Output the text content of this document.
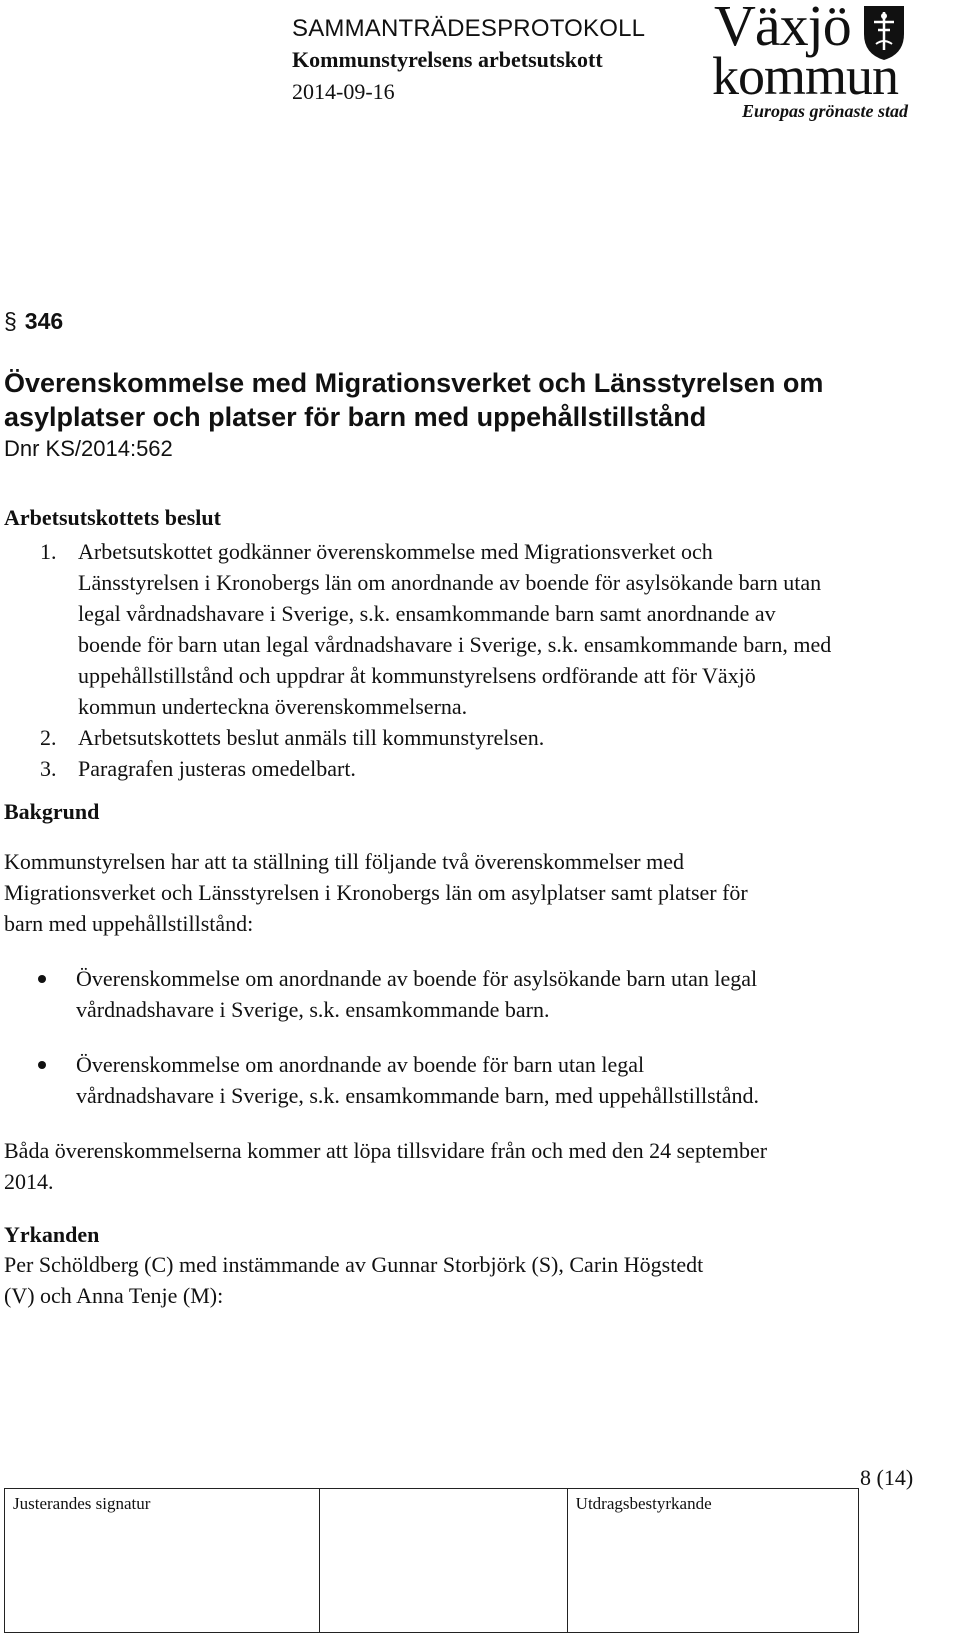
SAMMANTRÄDESPROTOKOLL
Kommunstyrelsens arbetsutskott
2014-09-16
Växjö
kommun
Europas grönaste stad
§ 346
Överenskommelse med Migrationsverket och Länsstyrelsen om asylplatser och platser för barn med uppehållstillstånd
Dnr KS/2014:562
Arbetsutskottets beslut
1. Arbetsutskottet godkänner överenskommelse med Migrationsverket och Länsstyrelsen i Kronobergs län om anordnande av boende för asylsökande barn utan legal vårdnadshavare i Sverige, s.k. ensamkommande barn samt anordnande av boende för barn utan legal vårdnadshavare i Sverige, s.k. ensamkommande barn, med uppehållstillstånd och uppdrar åt kommunstyrelsens ordförande att för Växjö kommun underteckna överenskommelserna.
2. Arbetsutskottets beslut anmäls till kommunstyrelsen.
3. Paragrafen justeras omedelbart.
Bakgrund
Kommunstyrelsen har att ta ställning till följande två överenskommelser med Migrationsverket och Länsstyrelsen i Kronobergs län om asylplatser samt platser för barn med uppehållstillstånd:
Överenskommelse om anordnande av boende för asylsökande barn utan legal vårdnadshavare i Sverige, s.k. ensamkommande barn.
Överenskommelse om anordnande av boende för barn utan legal vårdnadshavare i Sverige, s.k. ensamkommande barn, med uppehållstillstånd.
Båda överenskommelserna kommer att löpa tillsvidare från och med den 24 september 2014.
Yrkanden
Per Schöldberg (C) med instämmande av Gunnar Storbjörk (S), Carin Högstedt (V) och Anna Tenje (M):
8 (14)
Justerandes signatur	Utdragsbestyrkande
